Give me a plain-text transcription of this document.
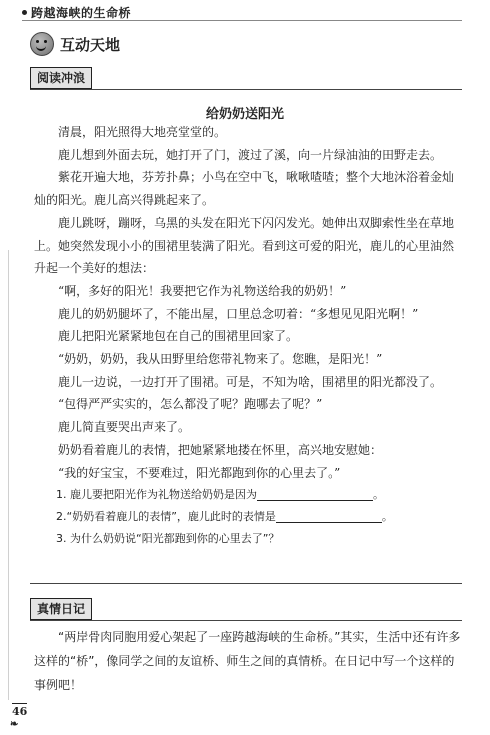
跨越海峡的生命桥
互动天地
阅读冲浪
给奶奶送阳光

清晨，阳光照得大地亮堂堂的。

鹿儿想到外面去玩，她打开了门，渡过了溪，向一片绿油油的田野走去。

紫花开遍大地，芬芳扑鼻；小鸟在空中飞，啾啾喳喳；整个大地沐浴着金灿灿的阳光。鹿儿高兴得跳起来了。

鹿儿跳呀，蹦呀，乌黑的头发在阳光下闪闪发光。她伸出双脚索性坐在草地上。她突然发现小小的围裙里装满了阳光。看到这可爱的阳光，鹿儿的心里油然升起一个美好的想法：

“啊，多好的阳光！我要把它作为礼物送给我的奶奶！”

鹿儿的奶奶腿坏了，不能出屋，口里总念叨着：“多想见见阳光啊！”

鹿儿把阳光紧紧地包在自己的围裙里回家了。

“奶奶，奶奶，我从田野里给您带礼物来了。您瞧，是阳光！”

鹿儿一边说，一边打开了围裙。可是，不知为啥，围裙里的阳光都没了。

“包得严严实实的，怎么都没了呢？跑哪去了呢？”

鹿儿简直要哭出声来了。

奶奶看着鹿儿的表情，把她紧紧地搂在怀里，高兴地安慰她：

“我的好宝宝，不要难过，阳光都跑到你的心里去了。”

1. 鹿儿要把阳光作为礼物送给奶奶是因为	。
2.“奶奶看着鹿儿的表情”，鹿儿此时的表情是	。
3. 为什么奶奶说“阳光都跑到你的心里去了”？
真情日记
“两岸骨肉同胞用爱心架起了一座跨越海峡的生命桥。”其实，生活中还有许多这样的“桥”，像同学之间的友谊桥、师生之间的真情桥。在日记中写一个这样的事例吧！
46
❧
